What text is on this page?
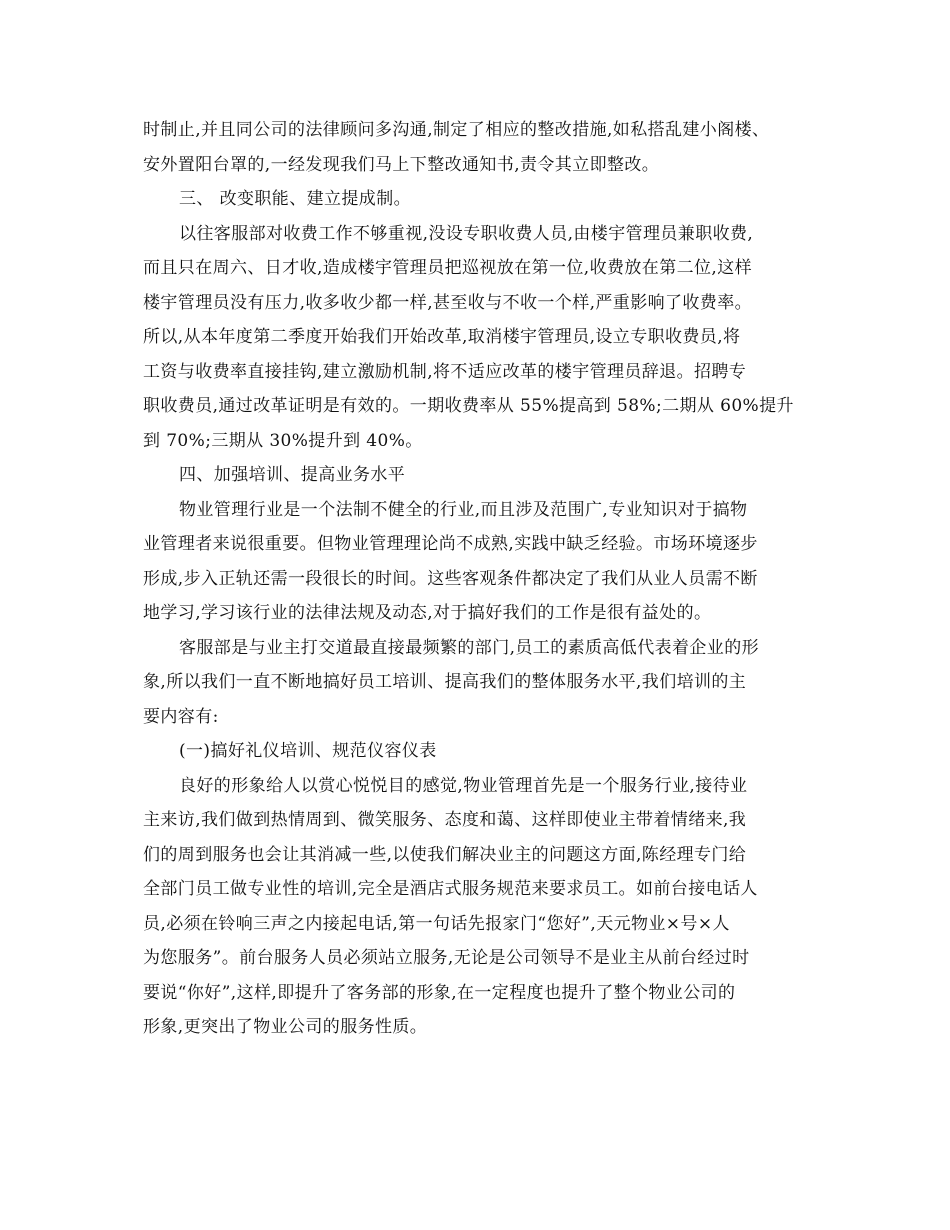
时制止,并且同公司的法律顾问多沟通,制定了相应的整改措施,如私搭乱建小阁楼、
安外置阳台罩的,一经发现我们马上下整改通知书,责令其立即整改。
三、 改变职能、建立提成制。
以往客服部对收费工作不够重视,没设专职收费人员,由楼宇管理员兼职收费,
而且只在周六、日才收,造成楼宇管理员把巡视放在第一位,收费放在第二位,这样
楼宇管理员没有压力,收多收少都一样,甚至收与不收一个样,严重影响了收费率。
所以,从本年度第二季度开始我们开始改革,取消楼宇管理员,设立专职收费员,将
工资与收费率直接挂钩,建立激励机制,将不适应改革的楼宇管理员辞退。招聘专
职收费员,通过改革证明是有效的。一期收费率从 55%提高到 58%;二期从 60%提升
到 70%;三期从 30%提升到 40%。
四、加强培训、提高业务水平
物业管理行业是一个法制不健全的行业,而且涉及范围广,专业知识对于搞物
业管理者来说很重要。但物业管理理论尚不成熟,实践中缺乏经验。市场环境逐步
形成,步入正轨还需一段很长的时间。这些客观条件都决定了我们从业人员需不断
地学习,学习该行业的法律法规及动态,对于搞好我们的工作是很有益处的。
客服部是与业主打交道最直接最频繁的部门,员工的素质高低代表着企业的形
象,所以我们一直不断地搞好员工培训、提高我们的整体服务水平,我们培训的主
要内容有:
(一)搞好礼仪培训、规范仪容仪表
良好的形象给人以赏心悦悦目的感觉,物业管理首先是一个服务行业,接待业
主来访,我们做到热情周到、微笑服务、态度和蔼、这样即使业主带着情绪来,我
们的周到服务也会让其消减一些,以使我们解决业主的问题这方面,陈经理专门给
全部门员工做专业性的培训,完全是酒店式服务规范来要求员工。如前台接电话人
员,必须在铃响三声之内接起电话,第一句话先报家门“您好”,天元物业×号×人
为您服务”。前台服务人员必须站立服务,无论是公司领导不是业主从前台经过时
要说“你好”,这样,即提升了客务部的形象,在一定程度也提升了整个物业公司的
形象,更突出了物业公司的服务性质。
